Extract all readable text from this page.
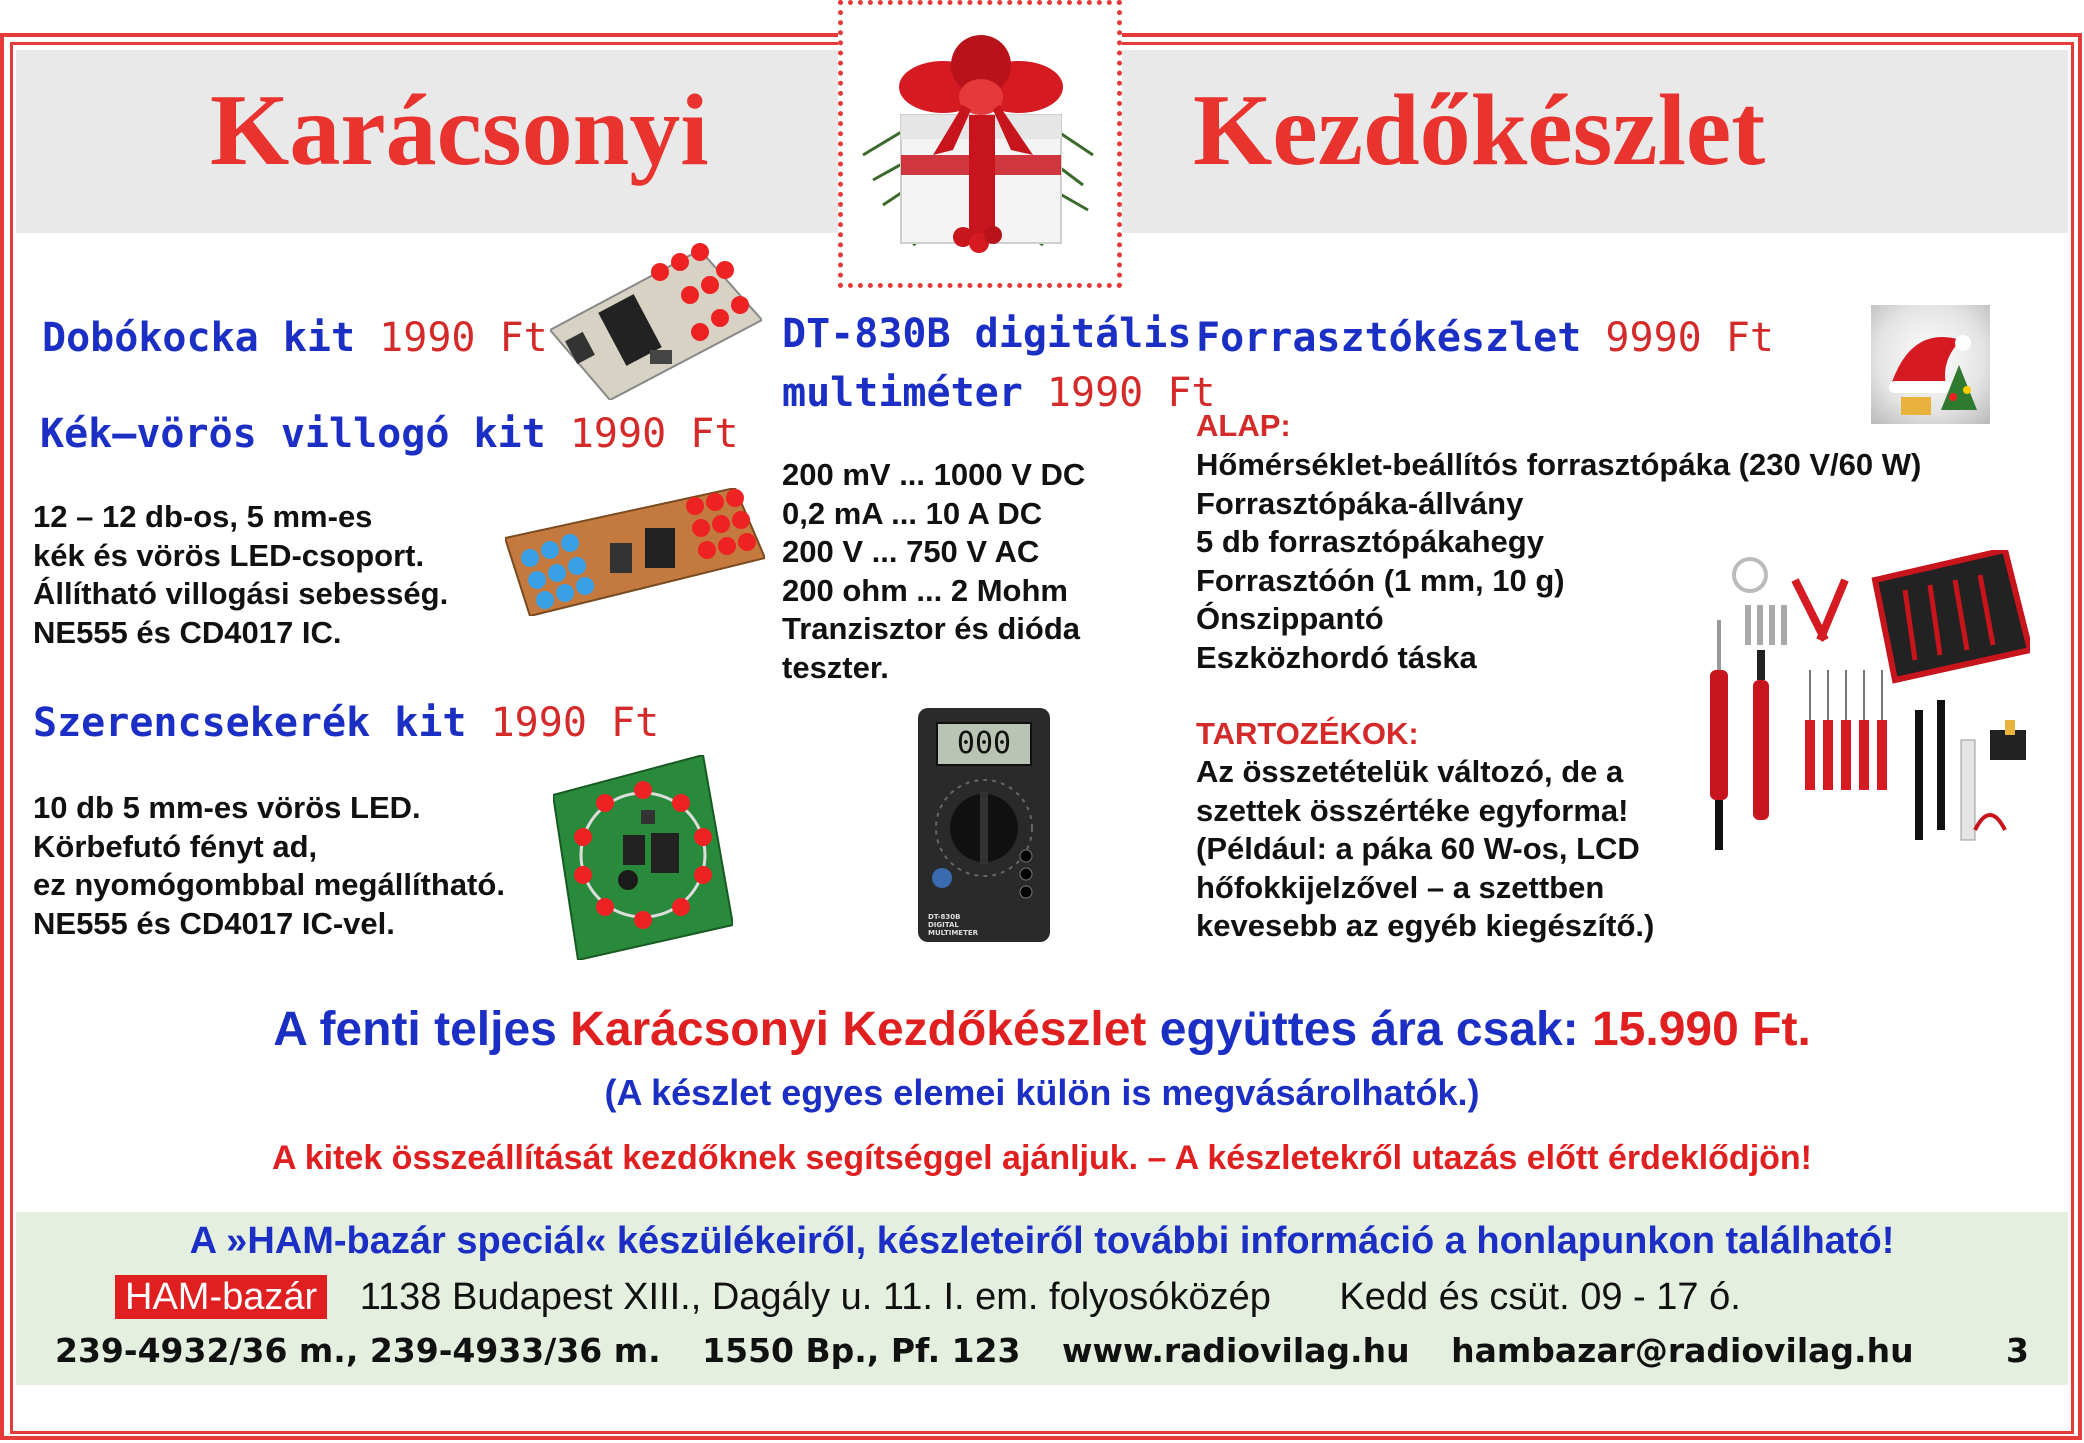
Karácsonyi	Kezdőkészlet
Dobókocka kit 1990 Ft
Kék–vörös villogó kit 1990 Ft
12 – 12 db-os, 5 mm-es
kék és vörös LED-csoport.
Állítható villogási sebesség.
NE555 és CD4017 IC.
Szerencsekerék kit 1990 Ft
10 db 5 mm-es vörös LED.
Körbefutó fényt ad,
ez nyomógombbal megállítható.
NE555 és CD4017 IC-vel.
DT-830B digitális
multiméter 1990 Ft
200 mV ... 1000 V DC
0,2 mA ... 10 A DC
200 V ... 750 V AC
200 ohm ... 2 Mohm
Tranzisztor és dióda
teszter.
000
DT-830B
DIGITAL
MULTIMETER
Forrasztókészlet 9990 Ft
ALAP:
Hőmérséklet-beállítós forrasztópáka (230 V/60 W)
Forrasztópáka-állvány
5 db forrasztópákahegy
Forrasztóón (1 mm, 10 g)
Ónszippantó
Eszközhordó táska
TARTOZÉKOK:
Az összetételük változó, de a
szettek összértéke egyforma!
(Például: a páka 60 W-os, LCD
hőfokkijelzővel – a szettben
kevesebb az egyéb kiegészítő.)
A fenti teljes Karácsonyi Kezdőkészlet együttes ára csak: 15.990 Ft.
(A készlet egyes elemei külön is megvásárolhatók.)
A kitek összeállítását kezdőknek segítséggel ajánljuk. – A készletekről utazás előtt érdeklődjön!
A »HAM-bazár speciál« készülékeiről, készleteiről további információ a honlapunkon található!
HAM-bazár 1138 Budapest XIII., Dagály u. 11. I. em. folyosóközép Kedd és csüt. 09 - 17 ó.
239-4932/36 m., 239-4933/36 m. 1550 Bp., Pf. 123 www.radiovilag.hu hambazar@radiovilag.hu	3
